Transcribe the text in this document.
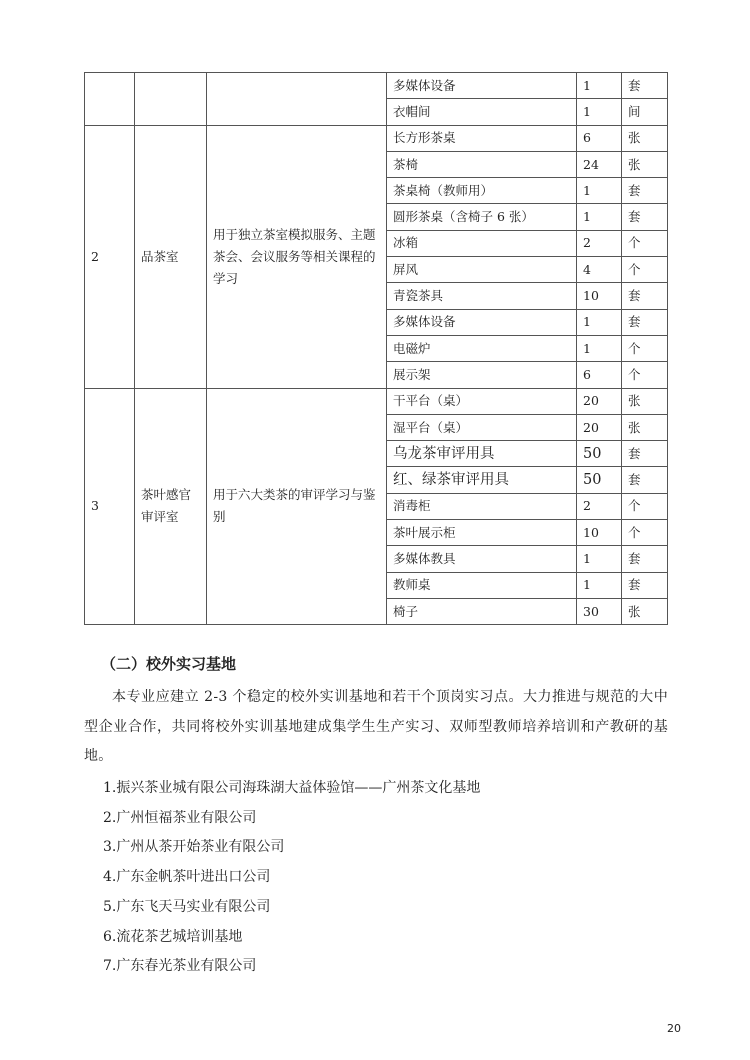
			多媒体设备	1	套
			衣帽间	1	间
2	品茶室	用于独立茶室模拟服务、主题茶会、会议服务等相关课程的学习	长方形茶桌	6	张
			茶椅	24	张
			茶桌椅（教师用）	1	套
			圆形茶桌（含椅子 6 张）	1	套
			冰箱	2	个
			屏风	4	个
			青瓷茶具	10	套
			多媒体设备	1	套
			电磁炉	1	个
			展示架	6	个
3	茶叶感官审评室	用于六大类茶的审评学习与鉴别	干平台（桌）	20	张
			湿平台（桌）	20	张
			乌龙茶审评用具	50	套
			红、绿茶审评用具	50	套
			消毒柜	2	个
			茶叶展示柜	10	个
			多媒体教具	1	套
			教师桌	1	套
			椅子	30	张
（二）校外实习基地
本专业应建立 2-3 个稳定的校外实训基地和若干个顶岗实习点。大力推进与规范的大中型企业合作，共同将校外实训基地建成集学生生产实习、双师型教师培养培训和产教研的基地。
1.振兴茶业城有限公司海珠湖大益体验馆——广州茶文化基地
2.广州恒福茶业有限公司
3.广州从茶开始茶业有限公司
4.广东金帆茶叶进出口公司
5.广东飞天马实业有限公司
6.流花茶艺城培训基地
7.广东春光茶业有限公司
20
